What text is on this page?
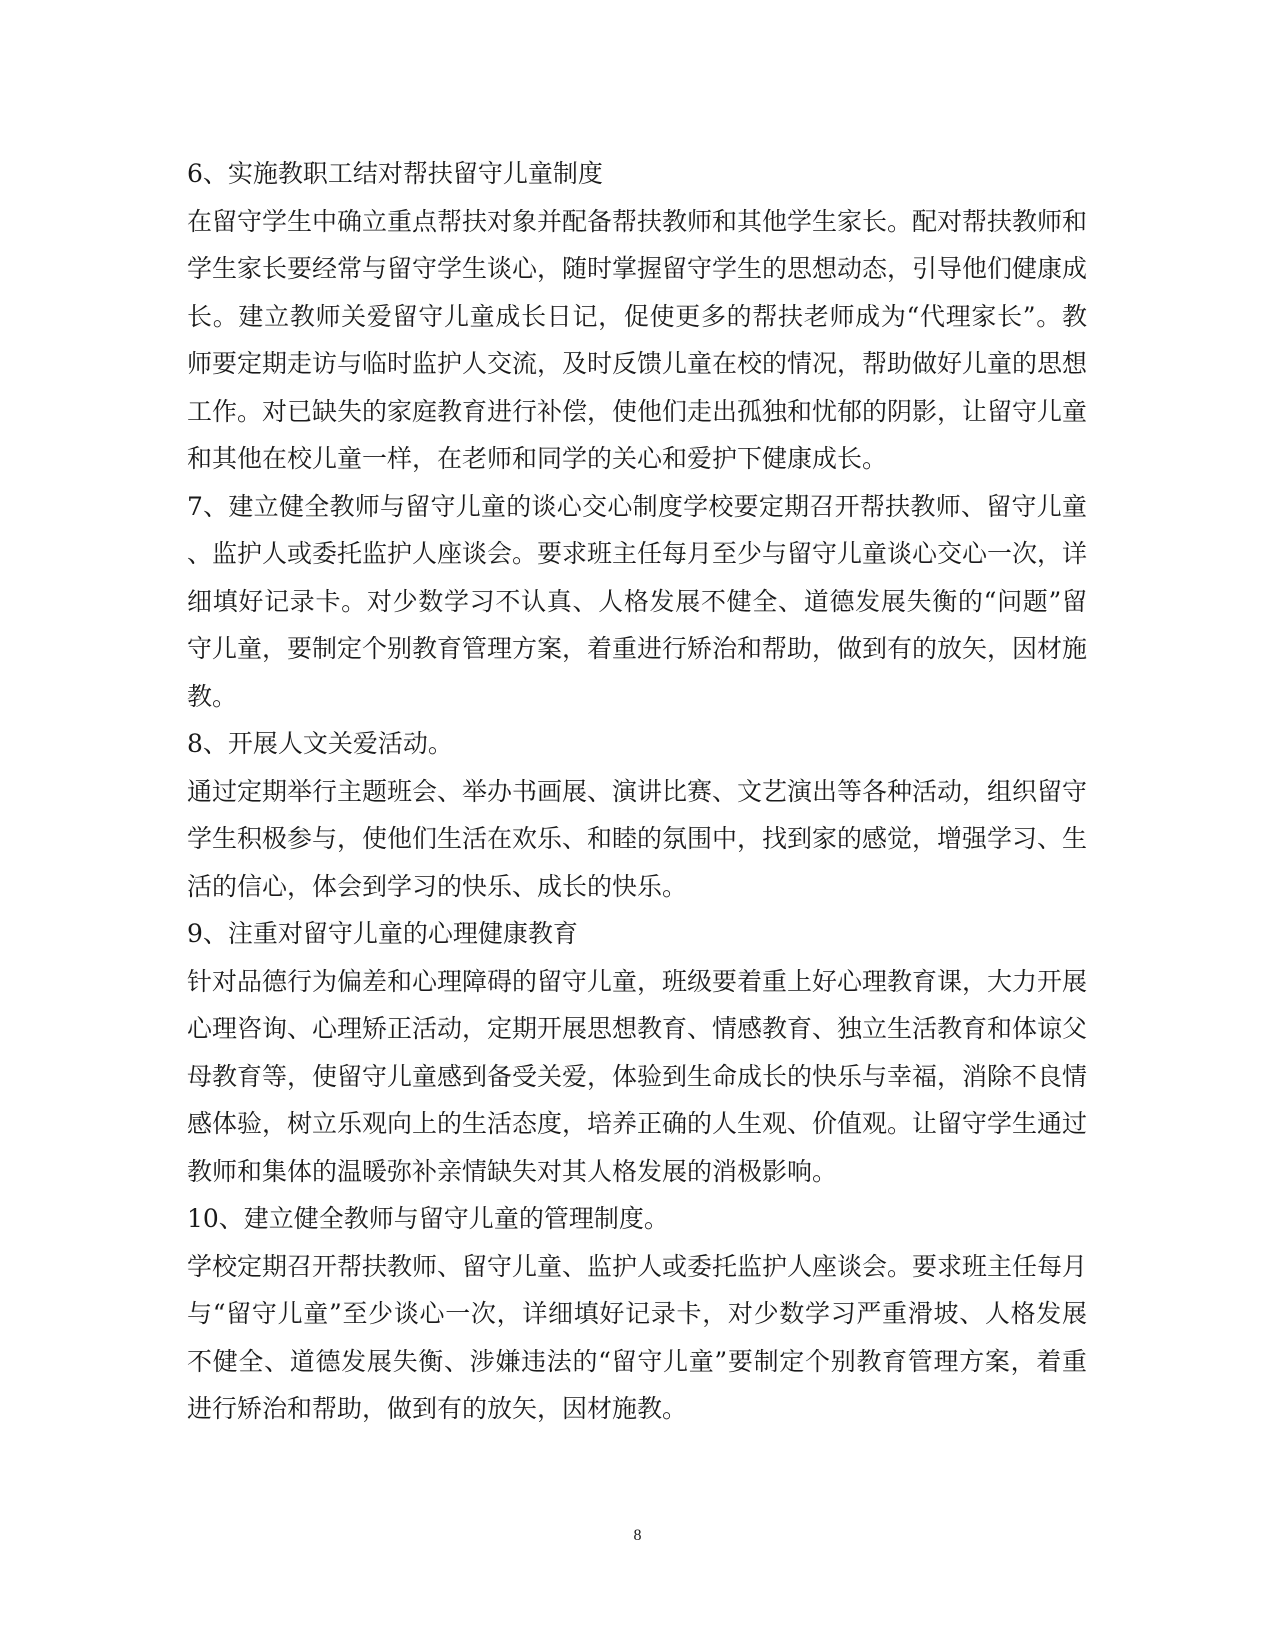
6、实施教职工结对帮扶留守儿童制度
在留守学生中确立重点帮扶对象并配备帮扶教师和其他学生家长。配对帮扶教师和
学生家长要经常与留守学生谈心，随时掌握留守学生的思想动态，引导他们健康成
长。建立教师关爱留守儿童成长日记，促使更多的帮扶老师成为“代理家长”。教
师要定期走访与临时监护人交流，及时反馈儿童在校的情况，帮助做好儿童的思想
工作。对已缺失的家庭教育进行补偿，使他们走出孤独和忧郁的阴影，让留守儿童
和其他在校儿童一样，在老师和同学的关心和爱护下健康成长。
7、建立健全教师与留守儿童的谈心交心制度学校要定期召开帮扶教师、留守儿童
、监护人或委托监护人座谈会。要求班主任每月至少与留守儿童谈心交心一次，详
细填好记录卡。对少数学习不认真、人格发展不健全、道德发展失衡的“问题”留
守儿童，要制定个别教育管理方案，着重进行矫治和帮助，做到有的放矢，因材施
教。
8、开展人文关爱活动。
通过定期举行主题班会、举办书画展、演讲比赛、文艺演出等各种活动，组织留守
学生积极参与，使他们生活在欢乐、和睦的氛围中，找到家的感觉，增强学习、生
活的信心，体会到学习的快乐、成长的快乐。
9、注重对留守儿童的心理健康教育
针对品德行为偏差和心理障碍的留守儿童，班级要着重上好心理教育课，大力开展
心理咨询、心理矫正活动，定期开展思想教育、情感教育、独立生活教育和体谅父
母教育等，使留守儿童感到备受关爱，体验到生命成长的快乐与幸福，消除不良情
感体验，树立乐观向上的生活态度，培养正确的人生观、价值观。让留守学生通过
教师和集体的温暖弥补亲情缺失对其人格发展的消极影响。
10、建立健全教师与留守儿童的管理制度。
学校定期召开帮扶教师、留守儿童、监护人或委托监护人座谈会。要求班主任每月
与“留守儿童”至少谈心一次，详细填好记录卡，对少数学习严重滑坡、人格发展
不健全、道德发展失衡、涉嫌违法的“留守儿童”要制定个别教育管理方案，着重
进行矫治和帮助，做到有的放矢，因材施教。
8
